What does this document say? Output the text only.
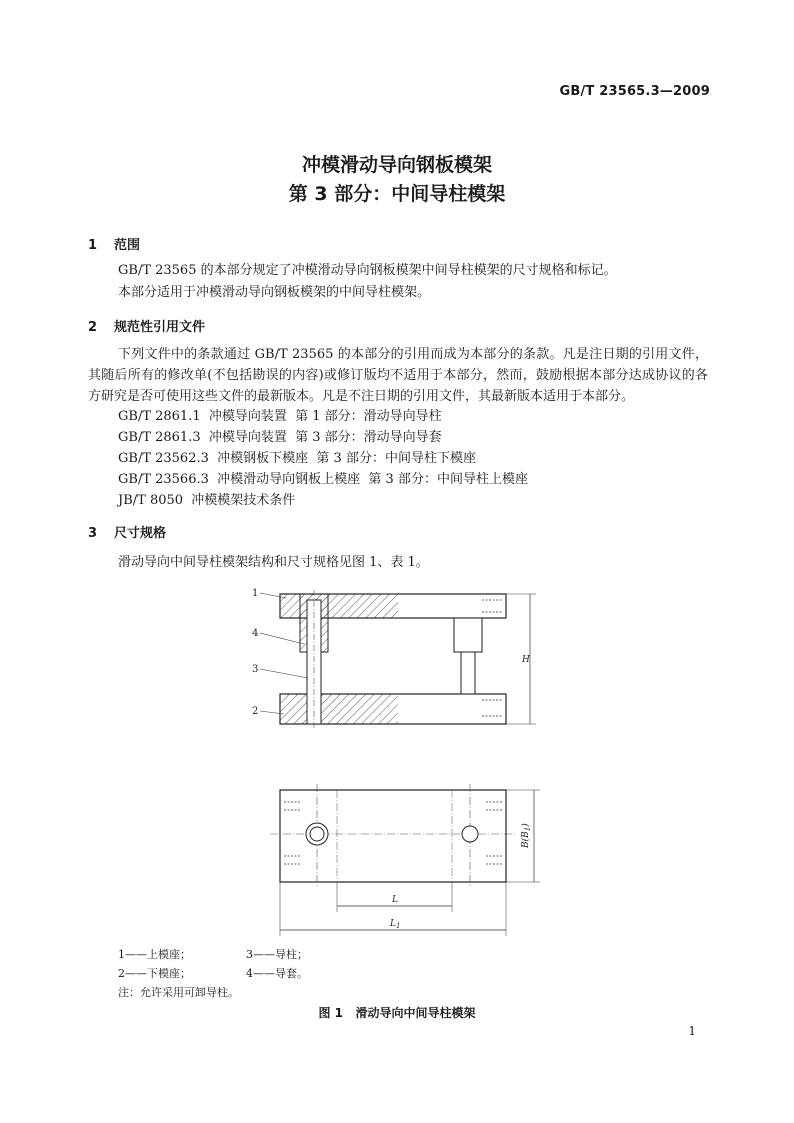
GB/T 23565.3—2009
冲模滑动导向钢板模架
第 3 部分：中间导柱模架
1 范围
GB/T 23565 的本部分规定了冲模滑动导向钢板模架中间导柱模架的尺寸规格和标记。
本部分适用于冲模滑动导向钢板模架的中间导柱模架。
2 规范性引用文件
下列文件中的条款通过 GB/T 23565 的本部分的引用而成为本部分的条款。凡是注日期的引用文件，其随后所有的修改单(不包括勘误的内容)或修订版均不适用于本部分，然而，鼓励根据本部分达成协议的各方研究是否可使用这些文件的最新版本。凡是不注日期的引用文件，其最新版本适用于本部分。
GB/T 2861.1  冲模导向装置  第 1 部分：滑动导向导柱
GB/T 2861.3  冲模导向装置  第 3 部分：滑动导向导套
GB/T 23562.3  冲模钢板下模座  第 3 部分：中间导柱下模座
GB/T 23566.3  冲模滑动导向钢板上模座  第 3 部分：中间导柱上模座
JB/T 8050  冲模模架技术条件
3 尺寸规格
滑动导向中间导柱模架结构和尺寸规格见图 1、表 1。
H
1
4
3
2
$B(B_1)$
L
$L_1$
1——上模座；	3——导柱；
2——下模座；	4——导套。
注：允许采用可卸导柱。
图 1   滑动导向中间导柱模架
1
